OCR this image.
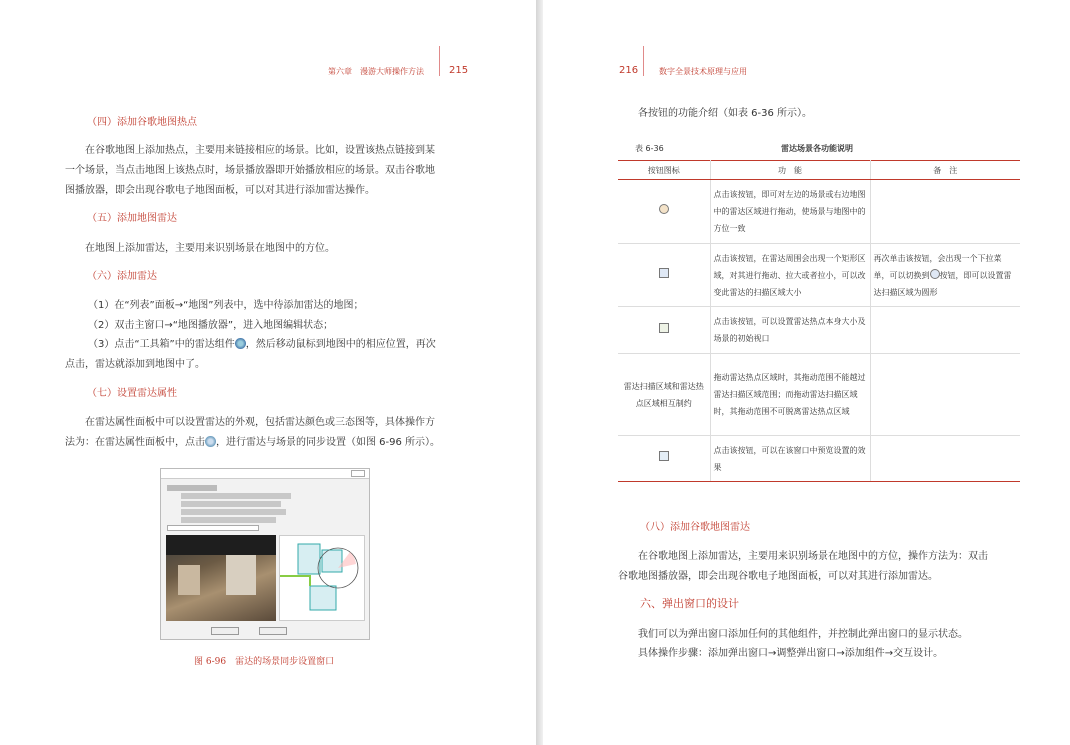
第六章　漫游大师操作方法	215
（四）添加谷歌地图热点
　　在谷歌地图上添加热点，主要用来链接相应的场景。比如，设置该热点链接到某
一个场景，当点击地图上该热点时，场景播放器即开始播放相应的场景。双击谷歌地
图播放器，即会出现谷歌电子地图面板，可以对其进行添加雷达操作。
（五）添加地图雷达
　　在地图上添加雷达，主要用来识别场景在地图中的方位。
（六）添加雷达
（1）在“列表”面板→“地图”列表中，选中待添加雷达的地图；
（2）双击主窗口→“地图播放器”，进入地图编辑状态；
（3）点击“工具箱”中的雷达组件 ，然后移动鼠标到地图中的相应位置，再次
点击，雷达就添加到地图中了。
（七）设置雷达属性
　　在雷达属性面板中可以设置雷达的外观，包括雷达颜色或三态图等，具体操作方
法为：在雷达属性面板中，点击 ，进行雷达与场景的同步设置（如图 6-96 所示）。
图 6-96　雷达的场景同步设置窗口
216	数字全景技术原理与应用
　　各按钮的功能介绍（如表 6-36 所示）。
表 6-36	雷达场景各功能说明
按钮图标	功　能	备　注
	点击该按钮，即可对左边的场景或右边地图中的雷达区域进行拖动，使场景与地图中的方位一致	
	点击该按钮，在雷达周围会出现一个矩形区域，对其进行拖动、拉大或者拉小，可以改变此雷达的扫描区域大小	再次单击该按钮，会出现一个下拉菜单，可以切换到 按钮，即可以设置雷达扫描区域为圆形
	点击该按钮，可以设置雷达热点本身大小及场景的初始视口	
雷达扫描区域和雷达热点区域相互制约	拖动雷达热点区域时，其拖动范围不能越过雷达扫描区域范围；而拖动雷达扫描区域时，其拖动范围不可脱离雷达热点区域	
	点击该按钮，可以在该窗口中预览设置的效果	
（八）添加谷歌地图雷达
　　在谷歌地图上添加雷达，主要用来识别场景在地图中的方位，操作方法为：双击
谷歌地图播放器，即会出现谷歌电子地图面板，可以对其进行添加雷达。
六、弹出窗口的设计
　　我们可以为弹出窗口添加任何的其他组件，并控制此弹出窗口的显示状态。
　　具体操作步骤：添加弹出窗口→调整弹出窗口→添加组件→交互设计。
